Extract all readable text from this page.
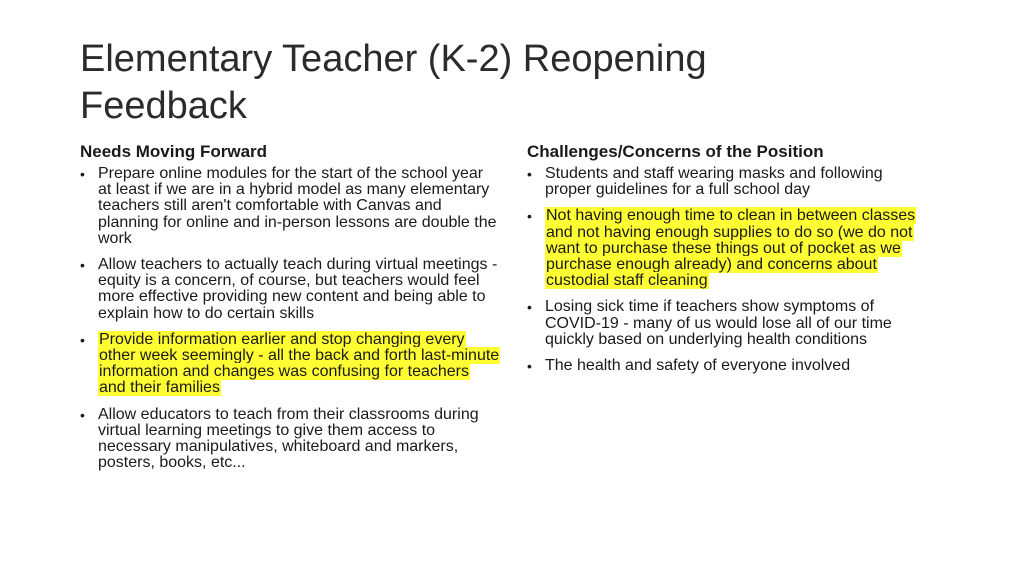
Elementary Teacher (K-2) Reopening Feedback
Needs Moving Forward
• Prepare online modules for the start of the school year at least if we are in a hybrid model as many elementary teachers still aren't comfortable with Canvas and planning for online and in-person lessons are double the work
• Allow teachers to actually teach during virtual meetings - equity is a concern, of course, but teachers would feel more effective providing new content and being able to explain how to do certain skills
• Provide information earlier and stop changing every other week seemingly - all the back and forth last-minute information and changes was confusing for teachers and their families
• Allow educators to teach from their classrooms during virtual learning meetings to give them access to necessary manipulatives, whiteboard and markers, posters, books, etc...
Challenges/Concerns of the Position
• Students and staff wearing masks and following proper guidelines for a full school day
• Not having enough time to clean in between classes and not having enough supplies to do so (we do not want to purchase these things out of pocket as we purchase enough already) and concerns about custodial staff cleaning
• Losing sick time if teachers show symptoms of COVID-19 - many of us would lose all of our time quickly based on underlying health conditions
• The health and safety of everyone involved
